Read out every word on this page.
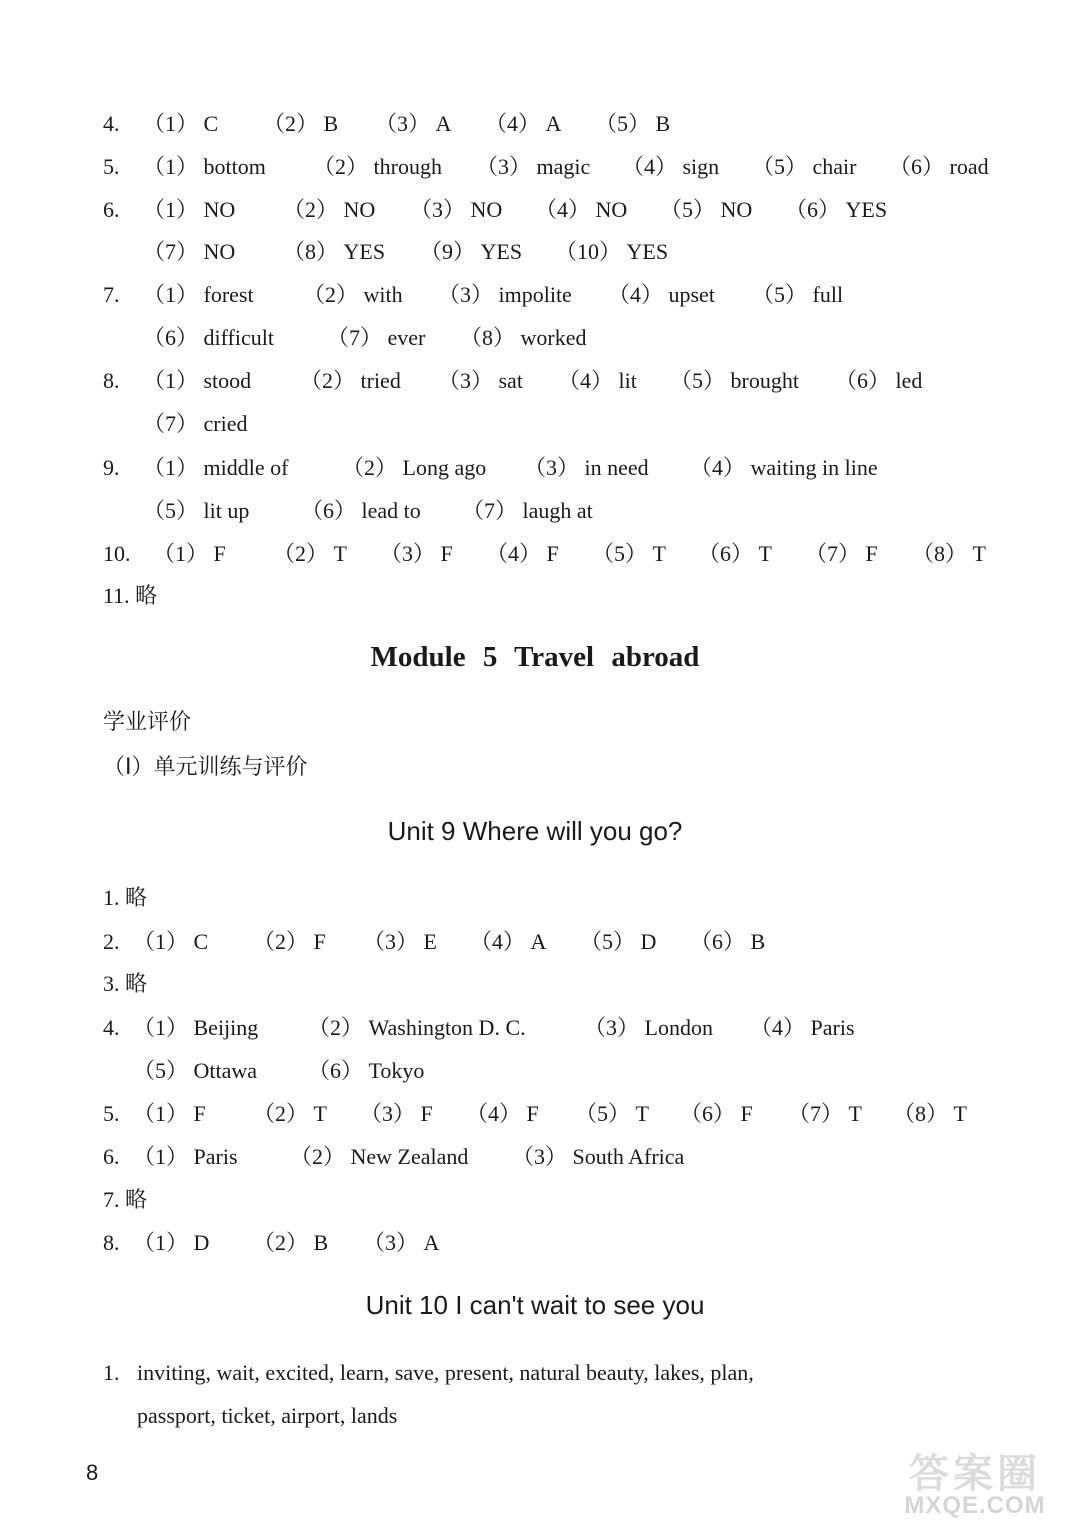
4. （1） C （2） B （3） A （4） A （5） B
5. （1） bottom （2） through （3） magic （4） sign （5） chair （6） road
6. （1） NO （2） NO （3） NO （4） NO （5） NO （6） YES
（7） NO （8） YES （9） YES （10） YES
7. （1） forest （2） with （3） impolite （4） upset （5） full
（6） difficult （7） ever （8） worked
8. （1） stood （2） tried （3） sat （4） lit （5） brought （6） led
（7） cried
9. （1） middle of （2） Long ago （3） in need （4） waiting in line
（5） lit up （6） lead to （7） laugh at
10. （1） F （2） T （3） F （4） F （5） T （6） T （7） F （8） T
11. 略
Module 5 Travel abroad
学业评价
（Ⅰ）单元训练与评价
Unit 9 Where will you go?
1. 略
2. （1） C （2） F （3） E （4） A （5） D （6） B
3. 略
4. （1） Beijing （2） Washington D. C.	（3） London （4） Paris
（5） Ottawa （6） Tokyo
5. （1） F （2） T （3） F （4） F （5） T （6） F （7） T （8） T
6. （1） Paris （2） New Zealand （3） South Africa
7. 略
8. （1） D （2） B （3） A
Unit 10 I can't wait to see you
1. inviting, wait, excited, learn, save, present, natural beauty, lakes, plan,
passport, ticket, airport, lands
8	答案圈
MXQE.COM
